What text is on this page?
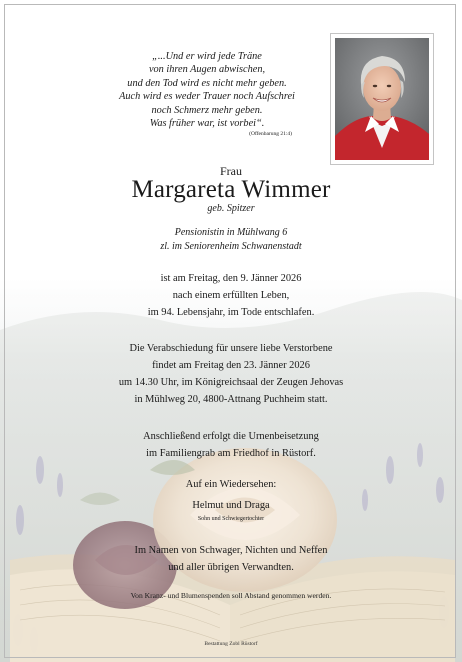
„...Und er wird jede Träne
von ihren Augen abwischen,
und den Tod wird es nicht mehr geben.
Auch wird es weder Trauer noch Aufschrei
noch Schmerz mehr geben.
Was früher war, ist vorbei“.
(Offenbarung 21:4)
Frau
Margareta Wimmer
geb. Spitzer
Pensionistin in Mühlwang 6
zl. im Seniorenheim Schwanenstadt
ist am Freitag, den 9. Jänner 2026
nach einem erfüllten Leben,
im 94. Lebensjahr, im Tode entschlafen.
Die Verabschiedung für unsere liebe Verstorbene
findet am Freitag den 23. Jänner 2026
um 14.30 Uhr, im Königreichsaal der Zeugen Jehovas
in Mühlweg 20, 4800-Attnang Puchheim statt.
Anschließend erfolgt die Urnenbeisetzung
im Familiengrab am Friedhof in Rüstorf.
Auf ein Wiedersehen:
Helmut und Draga
Sohn und Schwiegertochter
Im Namen von Schwager, Nichten und Neffen
und aller übrigen Verwandten.
Von Kranz- und Blumenspenden soll Abstand genommen werden.
Bestattung Zobl Rüstorf
